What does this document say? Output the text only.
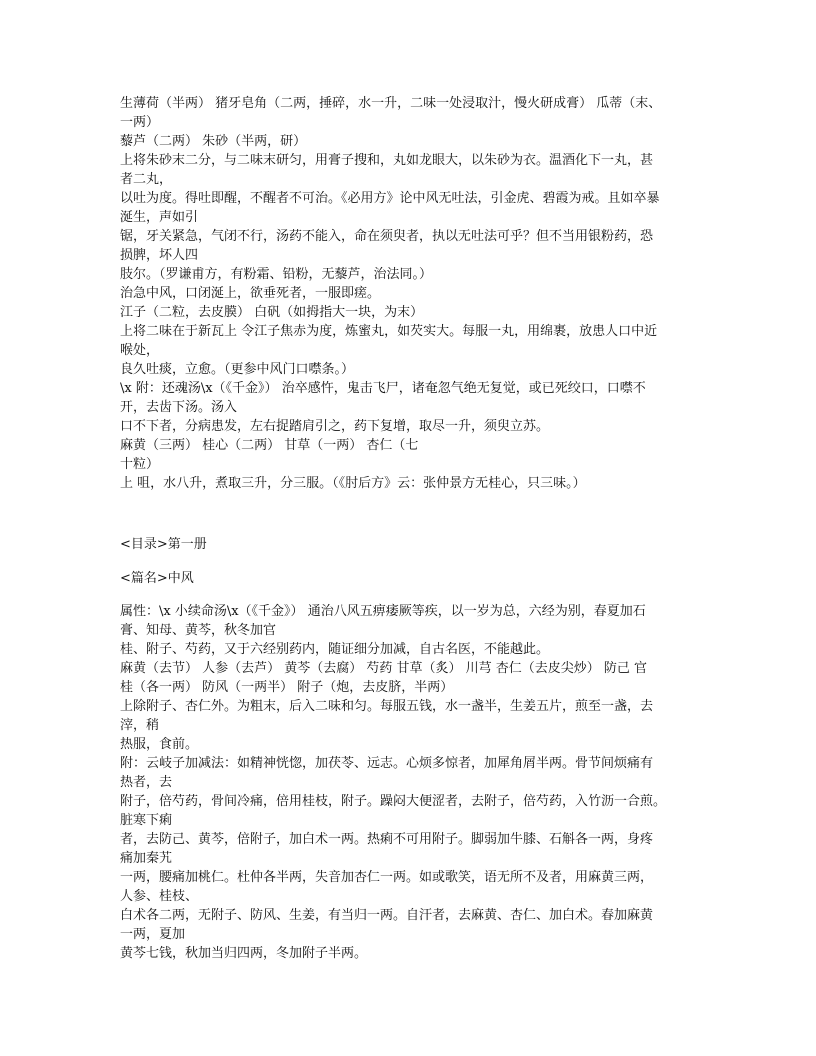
生薄荷（半两） 猪牙皂角（二两，捶碎，水一升，二味一处浸取汁，慢火研成膏） 瓜蒂（末、

一两）

藜芦（二两） 朱砂（半两，研）

上将朱砂末二分，与二味末研匀，用膏子搜和，丸如龙眼大，以朱砂为衣。温酒化下一丸，甚

者二丸，

以吐为度。得吐即醒，不醒者不可治。《必用方》论中风无吐法，引金虎、碧霞为戒。且如卒暴

涎生，声如引

锯，牙关紧急，气闭不行，汤药不能入，命在须臾者，执以无吐法可乎？但不当用银粉药，恐

损脾，坏人四

肢尔。（罗谦甫方，有粉霜、铅粉，无藜芦，治法同。）

治急中风，口闭涎上，欲垂死者，一服即瘥。

江子（二粒，去皮膜） 白矾（如拇指大一块，为末）

上将二味在于新瓦上 令江子焦赤为度，炼蜜丸，如芡实大。每服一丸，用绵裹，放患人口中近

喉处，

良久吐痰，立愈。（更参中风门口噤条。）

\x 附：还魂汤\x（《千金》） 治卒感忤，鬼击飞尸，诸奄忽气绝无复觉，或已死绞口，口噤不

开，去齿下汤。汤入

口不下者，分病患发，左右捉踏肩引之，药下复增，取尽一升，须臾立苏。

麻黄（三两） 桂心（二两） 甘草（一两） 杏仁（七

十粒）

上 咀，水八升，煮取三升，分三服。（《肘后方》云：张仲景方无桂心，只三味。）

<目录>第一册
<篇名>中风

属性：\x 小续命汤\x（《千金》） 通治八风五痹痿厥等疾，以一岁为总，六经为别，春夏加石

膏、知母、黄芩，秋冬加官

桂、附子、芍药，又于六经别药内，随证细分加减，自古名医，不能越此。

麻黄（去节） 人参（去芦） 黄芩（去腐） 芍药 甘草（炙） 川芎 杏仁（去皮尖炒） 防己 官

桂（各一两） 防风（一两半） 附子（炮，去皮脐，半两）

上除附子、杏仁外。为粗末，后入二味和匀。每服五钱，水一盏半，生姜五片，煎至一盏，去

滓，稍

热服，食前。

附：云岐子加减法：如精神恍惚，加茯苓、远志。心烦多惊者，加犀角屑半两。骨节间烦痛有

热者，去

附子，倍芍药，骨间冷痛，倍用桂枝，附子。躁闷大便涩者，去附子，倍芍药，入竹沥一合煎。

脏寒下痢

者，去防己、黄芩，倍附子，加白术一两。热痢不可用附子。脚弱加牛膝、石斛各一两，身疼

痛加秦艽

一两，腰痛加桃仁。杜仲各半两，失音加杏仁一两。如或歌笑，语无所不及者，用麻黄三两，

人参、桂枝、

白术各二两，无附子、防风、生姜，有当归一两。自汗者，去麻黄、杏仁、加白术。春加麻黄

一两，夏加

黄芩七钱，秋加当归四两，冬加附子半两。
